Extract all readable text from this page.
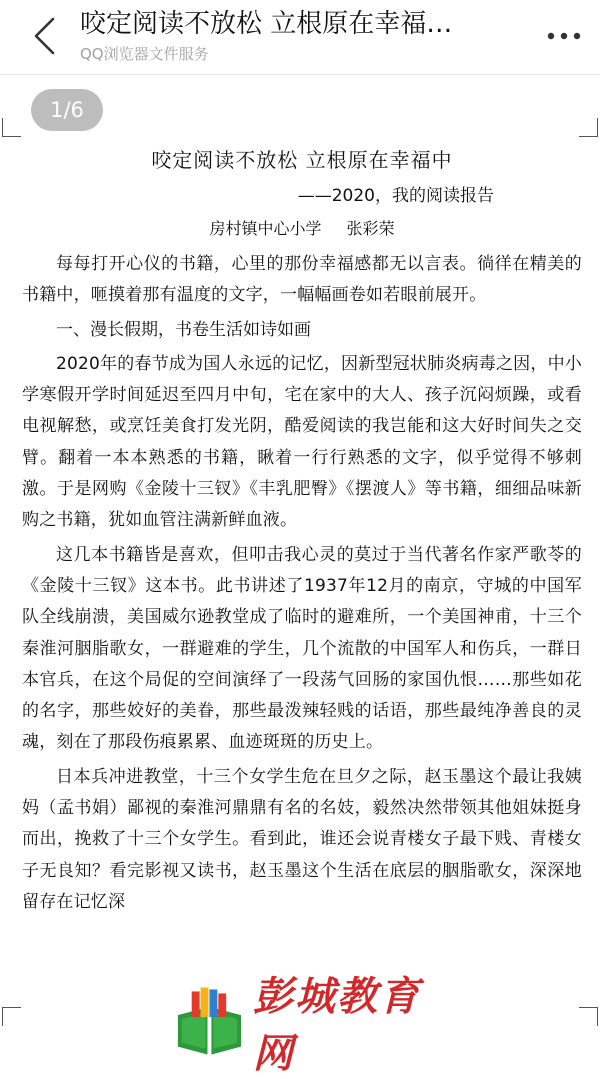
咬定阅读不放松 立根原在幸福…
QQ浏览器文件服务
1/6
咬定阅读不放松 立根原在幸福中
——2020，我的阅读报告
房村镇中心小学 张彩荣

每每打开心仪的书籍，心里的那份幸福感都无以言表。徜徉在精美的书籍中，咂摸着那有温度的文字，一幅幅画卷如若眼前展开。

一、漫长假期，书卷生活如诗如画

2020年的春节成为国人永远的记忆，因新型冠状肺炎病毒之因，中小学寒假开学时间延迟至四月中旬，宅在家中的大人、孩子沉闷烦躁，或看电视解愁，或烹饪美食打发光阴，酷爱阅读的我岂能和这大好时间失之交臂。翻着一本本熟悉的书籍，瞅着一行行熟悉的文字，似乎觉得不够刺激。于是网购《金陵十三钗》《丰乳肥臀》《摆渡人》等书籍，细细品味新购之书籍，犹如血管注满新鲜血液。

这几本书籍皆是喜欢，但叩击我心灵的莫过于当代著名作家严歌苓的《金陵十三钗》这本书。此书讲述了1937年12月的南京，守城的中国军队全线崩溃，美国威尔逊教堂成了临时的避难所，一个美国神甫，十三个秦淮河胭脂歌女，一群避难的学生，几个流散的中国军人和伤兵，一群日本官兵，在这个局促的空间演绎了一段荡气回肠的家国仇恨……那些如花的名字，那些姣好的美眷，那些最泼辣轻贱的话语，那些最纯净善良的灵魂，刻在了那段伤痕累累、血迹斑斑的历史上。

日本兵冲进教堂，十三个女学生危在旦夕之际，赵玉墨这个最让我姨妈（孟书娟）鄙视的秦淮河鼎鼎有名的名妓，毅然决然带领其他姐妹挺身而出，挽救了十三个女学生。看到此，谁还会说青楼女子最下贱、青楼女子无良知？看完影视又读书，赵玉墨这个生活在底层的胭脂歌女，深深地留存在记忆深

彭城教育网
